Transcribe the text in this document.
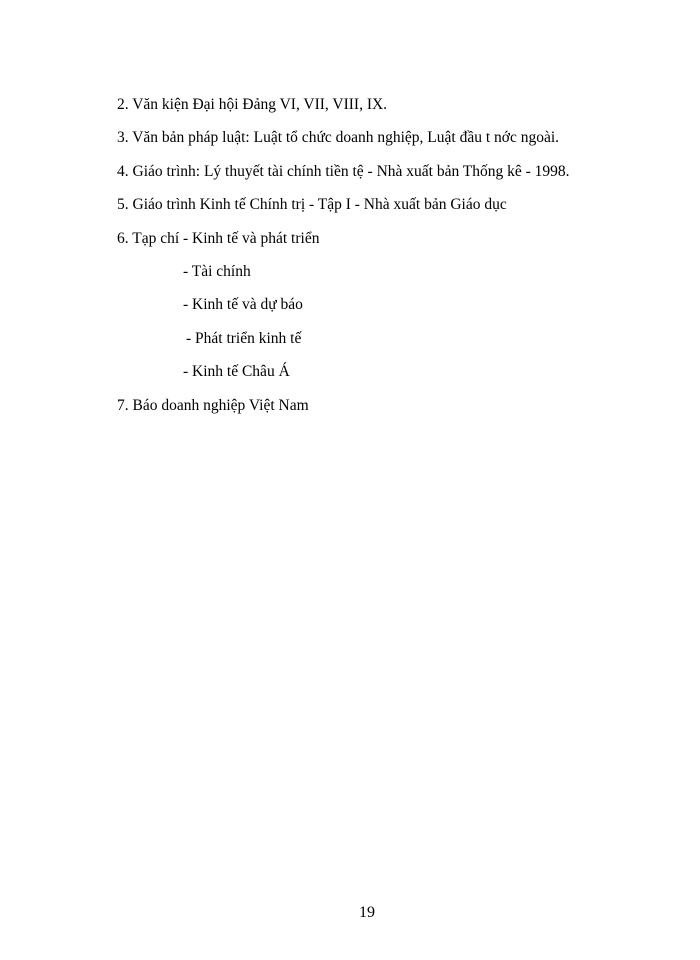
2. Văn kiện Đại hội Đảng VI, VII, VIII, IX.
3. Văn bản pháp luật: Luật tổ chức doanh nghiệp, Luật đầu t nớc ngoài.
4. Giáo trình: Lý thuyết tài chính tiền tệ - Nhà xuất bản Thống kê - 1998.
5. Giáo trình Kinh tế Chính trị - Tập I - Nhà xuất bản Giáo dục
6. Tạp chí - Kinh tế và phát triển
- Tài chính
- Kinh tế và dự báo
- Phát triển kinh tế
- Kinh tế Châu Á
7. Báo doanh nghiệp Việt Nam
19
